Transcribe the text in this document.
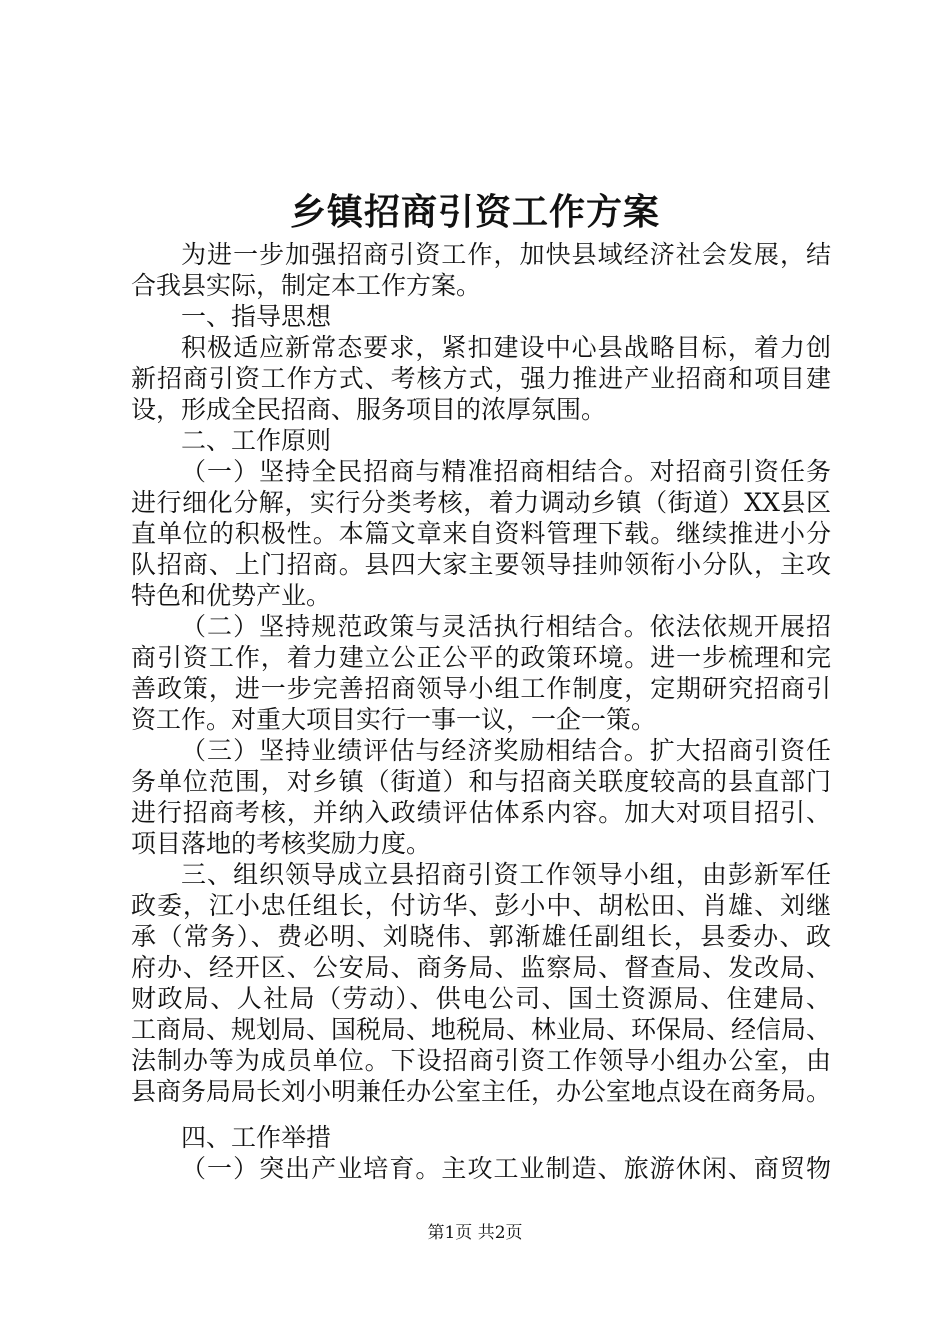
乡镇招商引资工作方案
为进一步加强招商引资工作，加快县域经济社会发展，结
合我县实际，制定本工作方案。
一、指导思想
积极适应新常态要求，紧扣建设中心县战略目标，着力创
新招商引资工作方式、考核方式，强力推进产业招商和项目建
设，形成全民招商、服务项目的浓厚氛围。
二、工作原则
（一）坚持全民招商与精准招商相结合。对招商引资任务
进行细化分解，实行分类考核，着力调动乡镇（街道）XX县区
直单位的积极性。本篇文章来自资料管理下载。继续推进小分
队招商、上门招商。县四大家主要领导挂帅领衔小分队，主攻
特色和优势产业。
（二）坚持规范政策与灵活执行相结合。依法依规开展招
商引资工作，着力建立公正公平的政策环境。进一步梳理和完
善政策，进一步完善招商领导小组工作制度，定期研究招商引
资工作。对重大项目实行一事一议，一企一策。
（三）坚持业绩评估与经济奖励相结合。扩大招商引资任
务单位范围，对乡镇（街道）和与招商关联度较高的县直部门
进行招商考核，并纳入政绩评估体系内容。加大对项目招引、
项目落地的考核奖励力度。
三、组织领导成立县招商引资工作领导小组，由彭新军任
政委，江小忠任组长，付访华、彭小中、胡松田、肖雄、刘继
承（常务）、费必明、刘晓伟、郭渐雄任副组长，县委办、政
府办、经开区、公安局、商务局、监察局、督查局、发改局、
财政局、人社局（劳动）、供电公司、国土资源局、住建局、
工商局、规划局、国税局、地税局、林业局、环保局、经信局、
法制办等为成员单位。下设招商引资工作领导小组办公室，由
县商务局局长刘小明兼任办公室主任，办公室地点设在商务局。
四、工作举措
（一）突出产业培育。主攻工业制造、旅游休闲、商贸物
第1页 共2页
